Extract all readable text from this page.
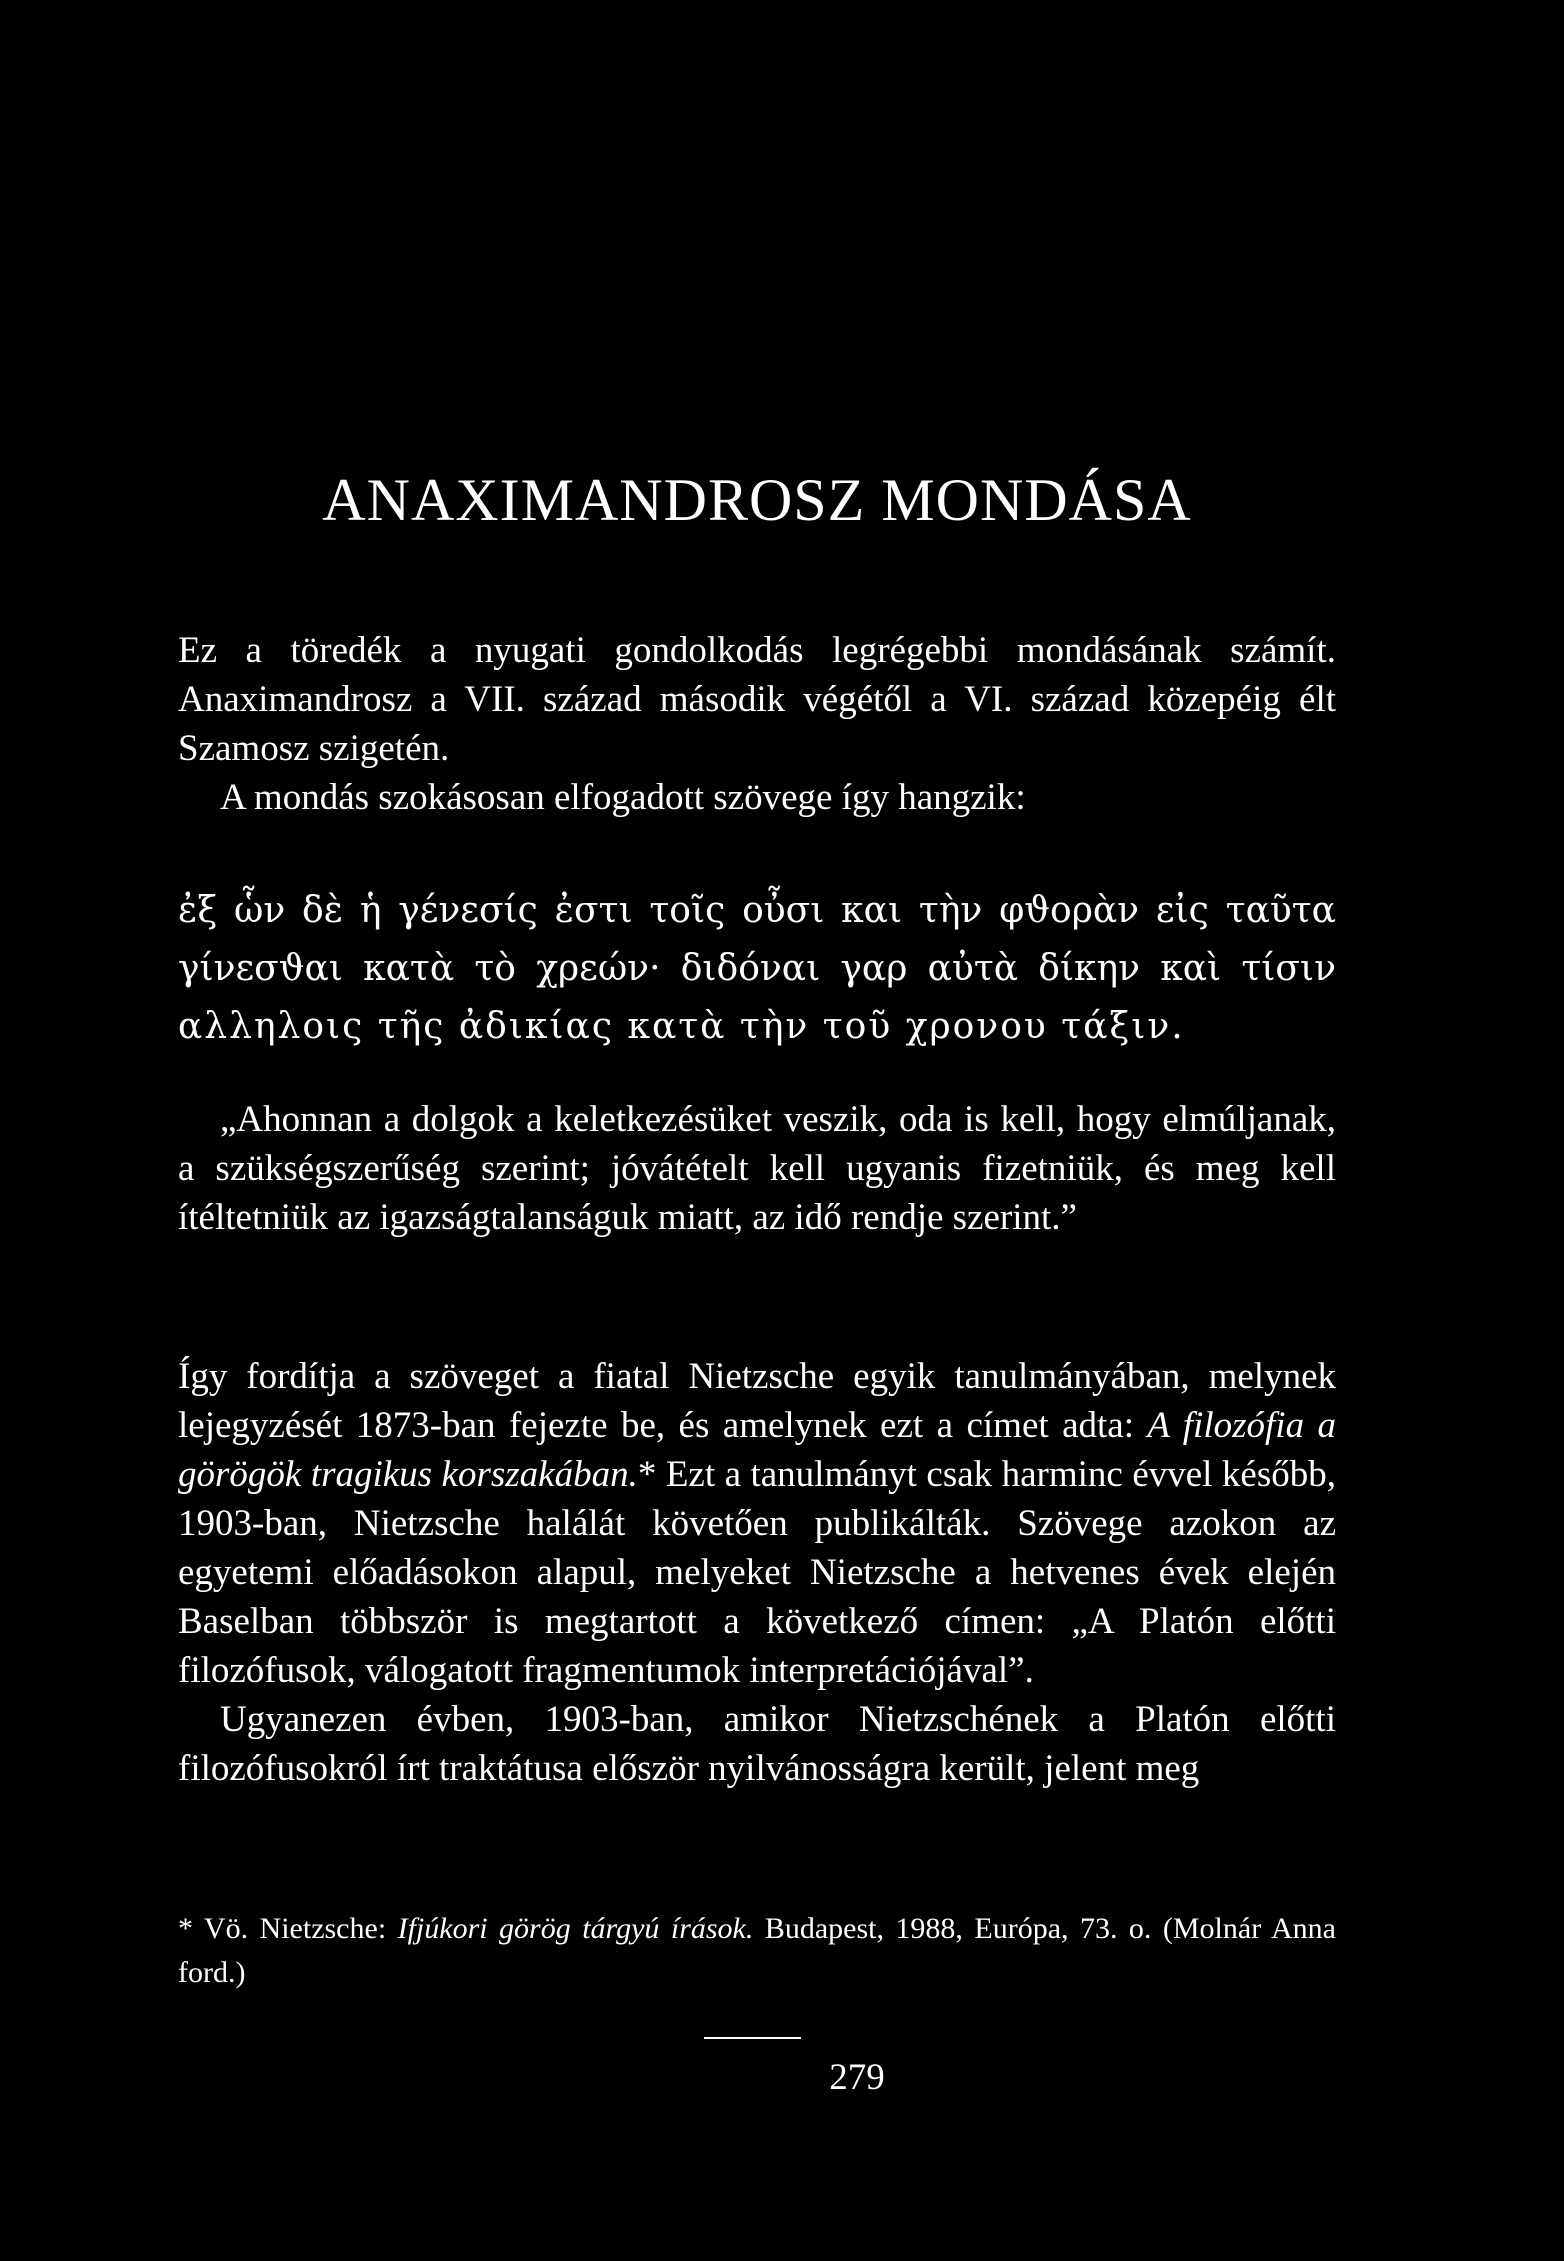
ANAXIMANDROSZ MONDÁSA

Ez a töredék a nyugati gondolkodás legrégebbi mondásának számít. Anaximandrosz a VII. század második végétől a VI. század közepéig élt Szamosz szigetén.

A mondás szokásosan elfogadott szövege így hangzik:

ἐξ ὧν δὲ ἡ γένεσίς ἐστι τοῖς οὖσι και τὴν φϑορὰν εἰς ταῦτα
γίνεσϑαι κατὰ τὸ χρεών· διδόναι γαρ αὐτὰ δίκην καὶ τίσιν
αλληλοις τῆς ἀδικίας κατὰ τὴν τοῦ χρονου τάξιν.

„Ahonnan a dolgok a keletkezésüket veszik, oda is kell, hogy elmúljanak, a szükségszerűség szerint; jóvátételt kell ugyanis fizetniük, és meg kell ítéltetniük az igazságtalanságuk miatt, az idő rendje szerint.”

Így fordítja a szöveget a fiatal Nietzsche egyik tanulmányában, melynek lejegyzését 1873-ban fejezte be, és amelynek ezt a címet adta: A filozófia a görögök tragikus korszakában.* Ezt a tanulmányt csak harminc évvel később, 1903-ban, Nietzsche halálát követően publikálták. Szövege azokon az egyetemi előadásokon alapul, melyeket Nietzsche a hetvenes évek elején Baselban többször is megtartott a következő címen: „A Platón előtti filozófusok, válogatott fragmentumok interpretációjával”.

Ugyanezen évben, 1903-ban, amikor Nietzschének a Platón előtti filozófusokról írt traktátusa először nyilvánosságra került, jelent meg

* Vö. Nietzsche: Ifjúkori görög tárgyú írások. Budapest, 1988, Európa, 73. o. (Molnár Anna ford.)

279
